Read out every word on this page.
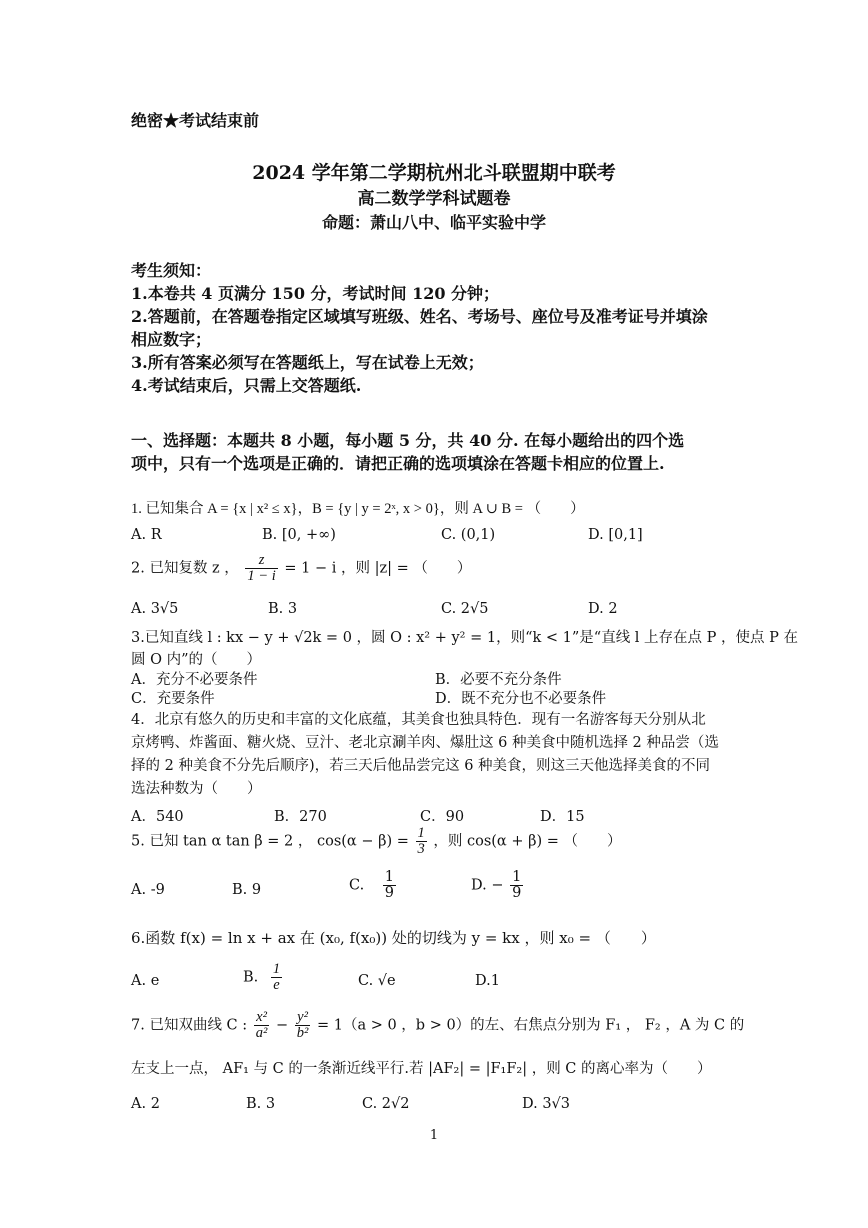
绝密★考试结束前
2024 学年第二学期杭州北斗联盟期中联考
高二数学学科试题卷
命题：萧山八中、临平实验中学
考生须知：
1.本卷共 4 页满分 150 分，考试时间 120 分钟；
2.答题前，在答题卷指定区域填写班级、姓名、考场号、座位号及准考证号并填涂
相应数字；
3.所有答案必须写在答题纸上，写在试卷上无效；
4.考试结束后，只需上交答题纸.
一、选择题：本题共 8 小题，每小题 5 分，共 40 分. 在每小题给出的四个选
项中，只有一个选项是正确的．请把正确的选项填涂在答题卡相应的位置上.
1. 已知集合 A = {x | x² ≤ x}，B = {y | y = 2ˣ, x > 0}，则 A ∪ B = （　　）
A. R	B. [0, +∞)	C. (0,1)	D. [0,1]
2. 已知复数 z ， $\frac{z}{1 - i} = 1 - i$ ，则 |z| = （　　）
A. 3√5	B. 3	C. 2√5	D. 2
3.已知直线 l : kx − y + √2k = 0 ，圆 O : x² + y² = 1，则“k < 1”是“直线 l 上存在点 P ，使点 P 在
圆 O 内”的（　　）
A．充分不必要条件	B．必要不充分条件
C．充要条件	D．既不充分也不必要条件
4．北京有悠久的历史和丰富的文化底蕴，其美食也独具特色．现有一名游客每天分别从北
京烤鸭、炸酱面、糖火烧、豆汁、老北京涮羊肉、爆肚这 6 种美食中随机选择 2 种品尝（选
择的 2 种美食不分先后顺序)，若三天后他品尝完这 6 种美食，则这三天他选择美食的不同
选法种数为（　　）
A．540	B．270	C．90	D．15
5. 已知 tan α tan β = 2 ， $\cos(\alpha - \beta) = \frac{1}{3}$ ，则 cos(α + β) = （　　）
A. -9	B. 9	C. $\frac{1}{9}$	D. − $\frac{1}{9}$
6.函数 f(x) = ln x + ax 在 (x₀, f(x₀)) 处的切线为 y = kx ，则 x₀ = （　　）
A. e	B. $\frac{1}{e}$	C. √e	D.1
7. 已知双曲线 C : $\frac{\text{x²}}{\text{a²}} - \frac{\text{y²}}{\text{b²}} = 1(a > 0$ ，b > 0）的左、右焦点分别为 F₁ ， F₂ ，A 为 C 的
左支上一点， AF₁ 与 C 的一条渐近线平行.若 |AF₂| = |F₁F₂| ，则 C 的离心率为（　　）
A. 2	B. 3	C. 2√2	D. 3√3
1
